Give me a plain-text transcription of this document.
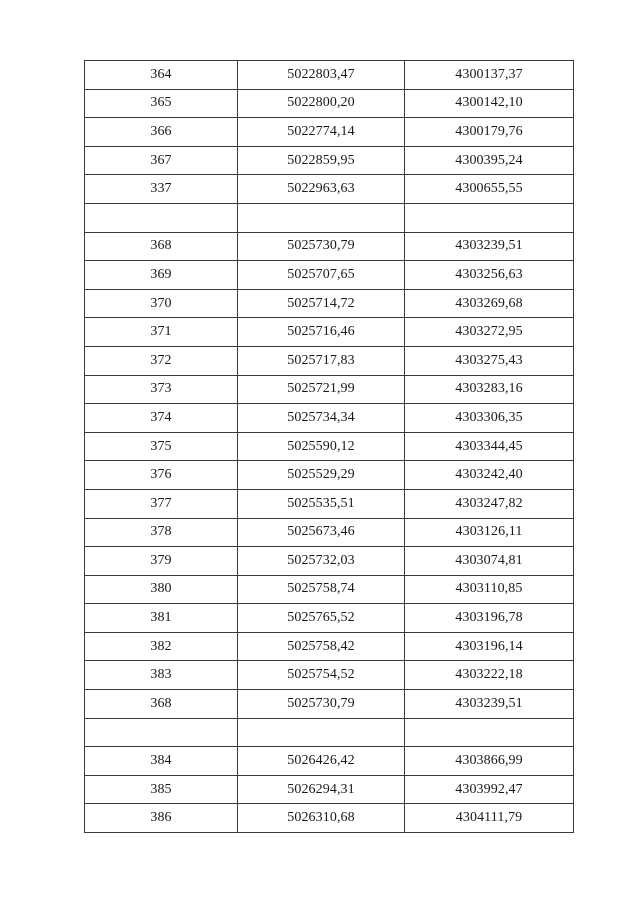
364	5022803,47	4300137,37
365	5022800,20	4300142,10
366	5022774,14	4300179,76
367	5022859,95	4300395,24
337	5022963,63	4300655,55

368	5025730,79	4303239,51
369	5025707,65	4303256,63
370	5025714,72	4303269,68
371	5025716,46	4303272,95
372	5025717,83	4303275,43
373	5025721,99	4303283,16
374	5025734,34	4303306,35
375	5025590,12	4303344,45
376	5025529,29	4303242,40
377	5025535,51	4303247,82
378	5025673,46	4303126,11
379	5025732,03	4303074,81
380	5025758,74	4303110,85
381	5025765,52	4303196,78
382	5025758,42	4303196,14
383	5025754,52	4303222,18
368	5025730,79	4303239,51

384	5026426,42	4303866,99
385	5026294,31	4303992,47
386	5026310,68	4304111,79
